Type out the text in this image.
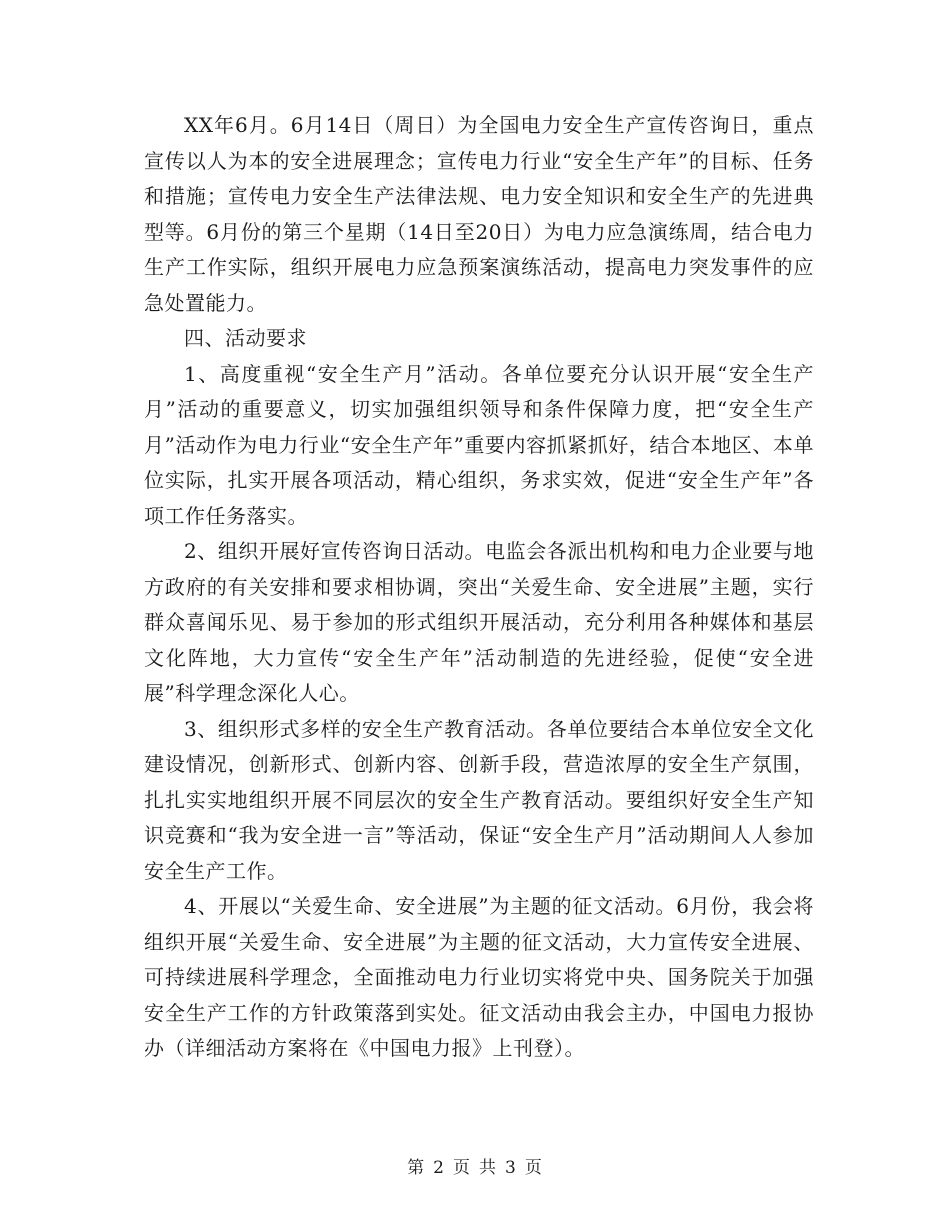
XX年6月。6月14日（周日）为全国电力安全生产宣传咨询日，重点宣传以人为本的安全进展理念；宣传电力行业“安全生产年”的目标、任务和措施；宣传电力安全生产法律法规、电力安全知识和安全生产的先进典型等。6月份的第三个星期（14日至20日）为电力应急演练周，结合电力生产工作实际，组织开展电力应急预案演练活动，提高电力突发事件的应急处置能力。

四、活动要求

1、高度重视“安全生产月”活动。各单位要充分认识开展“安全生产月”活动的重要意义，切实加强组织领导和条件保障力度，把“安全生产月”活动作为电力行业“安全生产年”重要内容抓紧抓好，结合本地区、本单位实际，扎实开展各项活动，精心组织，务求实效，促进“安全生产年”各项工作任务落实。

2、组织开展好宣传咨询日活动。电监会各派出机构和电力企业要与地方政府的有关安排和要求相协调，突出“关爱生命、安全进展”主题，实行群众喜闻乐见、易于参加的形式组织开展活动，充分利用各种媒体和基层文化阵地，大力宣传“安全生产年”活动制造的先进经验，促使“安全进展”科学理念深化人心。

3、组织形式多样的安全生产教育活动。各单位要结合本单位安全文化建设情况，创新形式、创新内容、创新手段，营造浓厚的安全生产氛围，扎扎实实地组织开展不同层次的安全生产教育活动。要组织好安全生产知识竞赛和“我为安全进一言”等活动，保证“安全生产月”活动期间人人参加安全生产工作。

4、开展以“关爱生命、安全进展”为主题的征文活动。6月份，我会将组织开展“关爱生命、安全进展”为主题的征文活动，大力宣传安全进展、可持续进展科学理念，全面推动电力行业切实将党中央、国务院关于加强安全生产工作的方针政策落到实处。征文活动由我会主办，中国电力报协办（详细活动方案将在《中国电力报》上刊登）。

第 2 页 共 3 页
